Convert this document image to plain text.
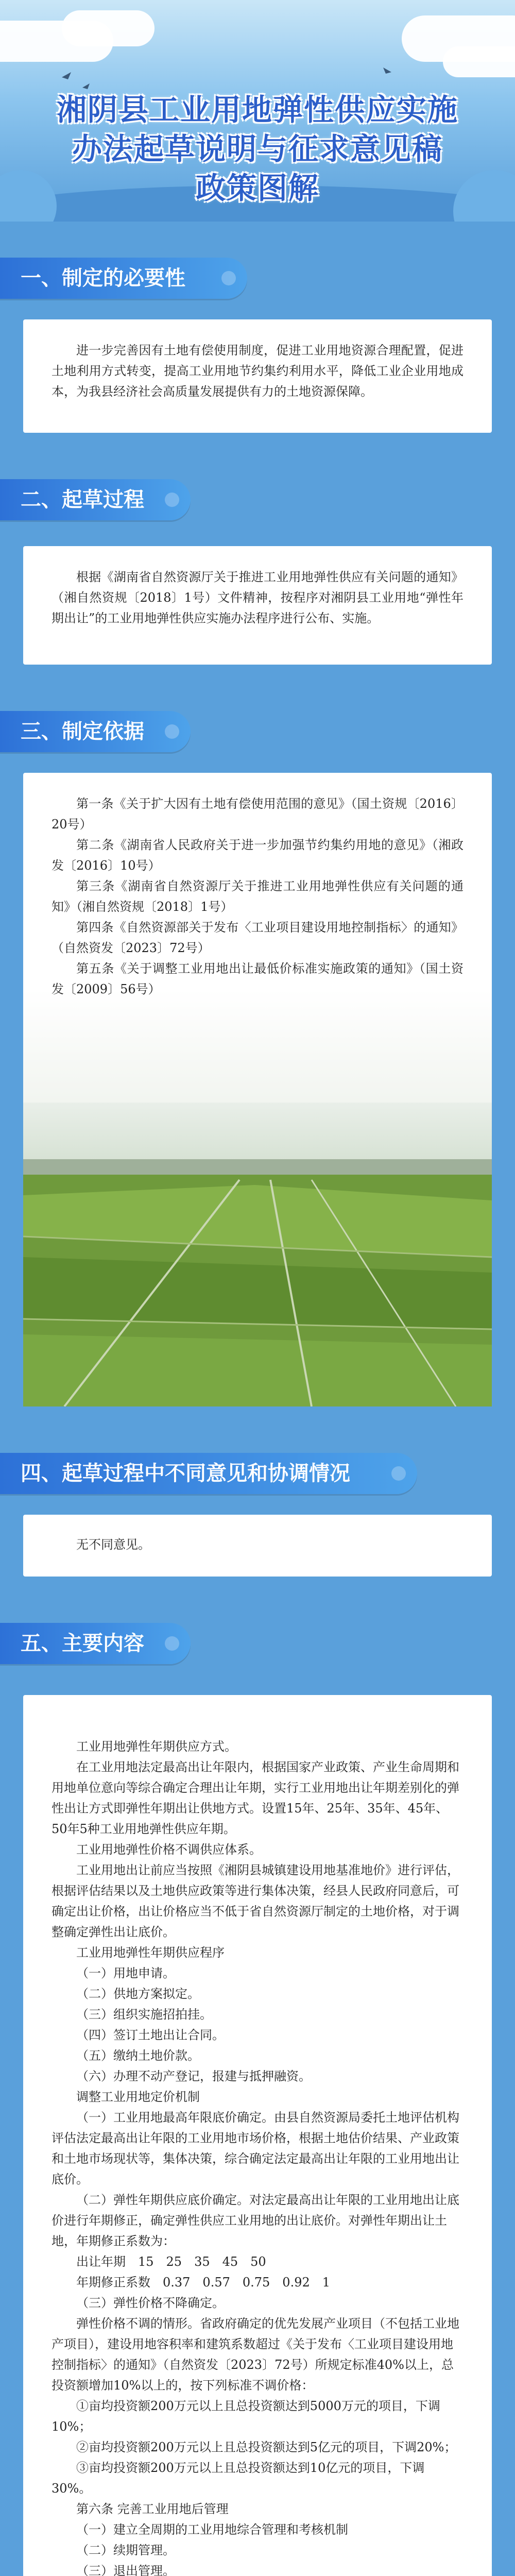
湘阴县工业用地弹性供应实施
办法起草说明与征求意见稿
政策图解
一、制定的必要性

进一步完善因有土地有偿使用制度，促进工业用地资源合理配置，促进土地利用方式转变，提高工业用地节约集约利用水平，降低工业企业用地成本，为我县经济社会高质量发展提供有力的土地资源保障。

二、起草过程

根据《湖南省自然资源厅关于推进工业用地弹性供应有关问题的通知》（湘自然资规〔2018〕1号）文件精神，按程序对湘阴县工业用地“弹性年期出让”的工业用地弹性供应实施办法程序进行公布、实施。

三、制定依据

第一条《关于扩大因有土地有偿使用范围的意见》（国土资规〔2016〕20号）

第二条《湖南省人民政府关于进一步加强节约集约用地的意见》（湘政发〔2016〕10号）

第三条《湖南省自然资源厅关于推进工业用地弹性供应有关问题的通知》（湘自然资规〔2018〕1号）

第四条《自然资源部关于发布〈工业项目建设用地控制指标〉的通知》（自然资发〔2023〕72号）

第五条《关于调整工业用地出让最低价标准实施政策的通知》（国土资发〔2009〕56号）

四、起草过程中不同意见和协调情况

无不同意见。

五、主要内容

工业用地弹性年期供应方式。

在工业用地法定最高出让年限内，根据国家产业政策、产业生命周期和用地单位意向等综合确定合理出让年期，实行工业用地出让年期差别化的弹性出让方式即弹性年期出让供地方式。设置15年、25年、35年、45年、50年5种工业用地弹性供应年期。

工业用地弹性价格不调供应体系。

工业用地出让前应当按照《湘阴县城镇建设用地基准地价》进行评估，根据评估结果以及土地供应政策等进行集体决策，经县人民政府同意后，可确定出让价格，出让价格应当不低于省自然资源厅制定的土地价格，对于调整确定弹性出让底价。

工业用地弹性年期供应程序

（一）用地申请。

（二）供地方案拟定。

（三）组织实施招拍挂。

（四）签订土地出让合同。

（五）缴纳土地价款。

（六）办理不动产登记，报建与抵押融资。

调整工业用地定价机制

（一）工业用地最高年限底价确定。由县自然资源局委托土地评估机构评估法定最高出让年限的工业用地市场价格，根据土地估价结果、产业政策和土地市场现状等，集体决策，综合确定法定最高出让年限的工业用地出让底价。

（二）弹性年期供应底价确定。对法定最高出让年限的工业用地出让底价进行年期修正，确定弹性供应工业用地的出让底价。对弹性年期出让土地，年期修正系数为：

出让年期　15　25　35　45　50

年期修正系数　0.37　0.57　0.75　0.92　1

（三）弹性价格不降确定。

弹性价格不调的情形。省政府确定的优先发展产业项目（不包括工业地产项目），建设用地容积率和建筑系数超过《关于发布〈工业项目建设用地控制指标〉的通知》（自然资发〔2023〕72号）所规定标准40%以上，总投资额增加10%以上的，按下列标准不调价格：

①亩均投资额200万元以上且总投资额达到5000万元的项目，下调10%；

②亩均投资额200万元以上且总投资额达到5亿元的项目，下调20%；

③亩均投资额200万元以上且总投资额达到10亿元的项目，下调30%。

第六条 完善工业用地后管理

（一）建立全周期的工业用地综合管理和考核机制

（二）续期管理。

（三）退出管理。
